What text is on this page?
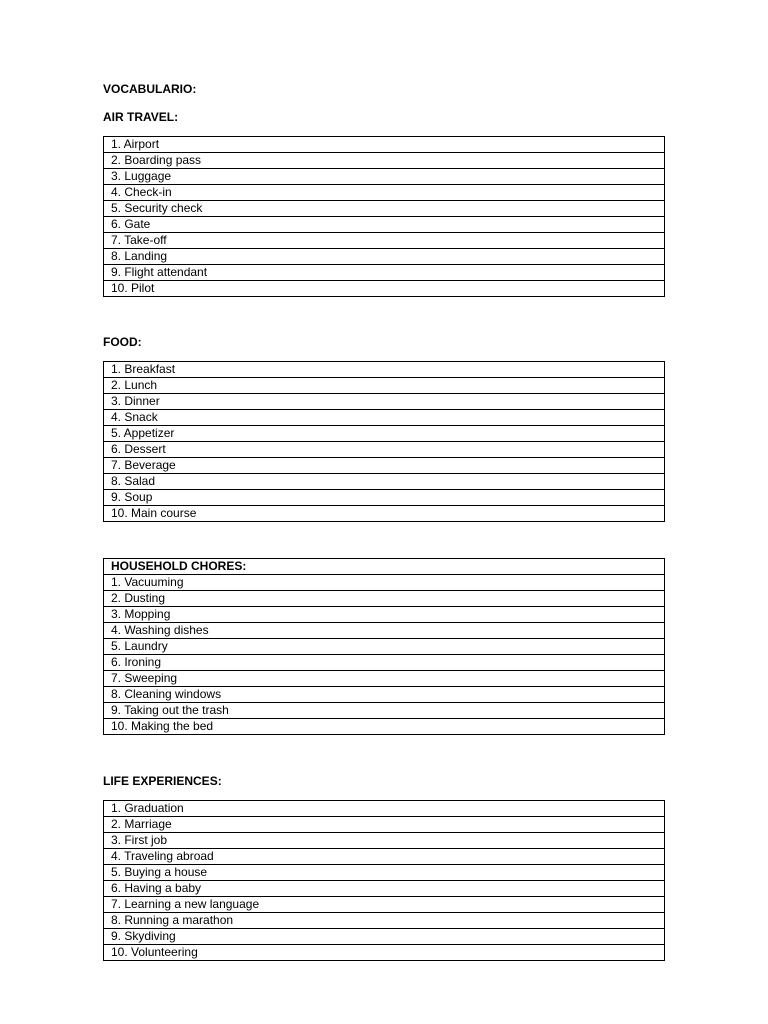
VOCABULARIO:
AIR TRAVEL:
1. Airport
2. Boarding pass
3. Luggage
4. Check-in
5. Security check
6. Gate
7. Take-off
8. Landing
9. Flight attendant
10. Pilot
FOOD:
1. Breakfast
2. Lunch
3. Dinner
4. Snack
5. Appetizer
6. Dessert
7. Beverage
8. Salad
9. Soup
10. Main course
HOUSEHOLD CHORES:
1. Vacuuming
2. Dusting
3. Mopping
4. Washing dishes
5. Laundry
6. Ironing
7. Sweeping
8. Cleaning windows
9. Taking out the trash
10. Making the bed
LIFE EXPERIENCES:
1. Graduation
2. Marriage
3. First job
4. Traveling abroad
5. Buying a house
6. Having a baby
7. Learning a new language
8. Running a marathon
9. Skydiving
10. Volunteering
